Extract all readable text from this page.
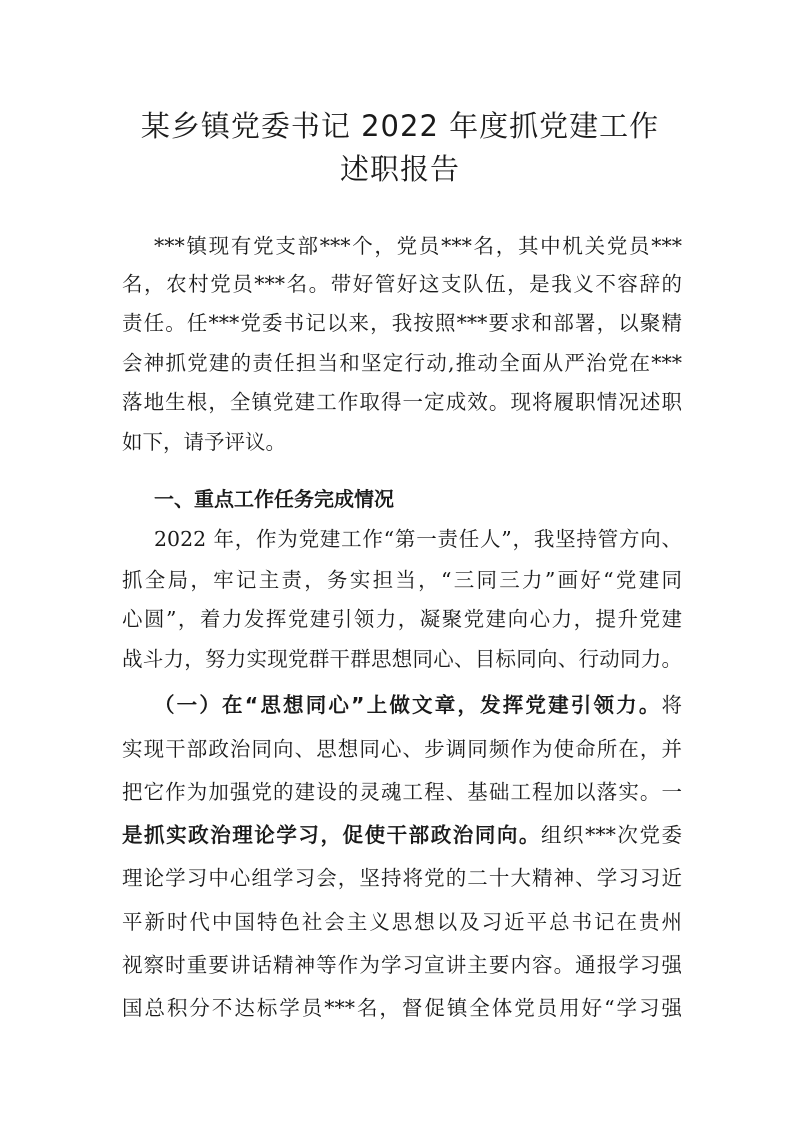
某乡镇党委书记 2022 年度抓党建工作
述职报告
***镇现有党支部***个，党员***名，其中机关党员***
名，农村党员***名。带好管好这支队伍，是我义不容辞的
责任。任***党委书记以来，我按照***要求和部署，以聚精
会神抓党建的责任担当和坚定行动,推动全面从严治党在***
落地生根，全镇党建工作取得一定成效。现将履职情况述职
如下，请予评议。
一、重点工作任务完成情况
2022 年，作为党建工作“第一责任人”，我坚持管方向、
抓全局，牢记主责，务实担当，“三同三力”画好“党建同
心圆”，着力发挥党建引领力，凝聚党建向心力，提升党建
战斗力，努力实现党群干群思想同心、目标同向、行动同力。
（一）在“思想同心”上做文章，发挥党建引领力。将
实现干部政治同向、思想同心、步调同频作为使命所在，并
把它作为加强党的建设的灵魂工程、基础工程加以落实。一
是抓实政治理论学习，促使干部政治同向。组织***次党委
理论学习中心组学习会，坚持将党的二十大精神、学习习近
平新时代中国特色社会主义思想以及习近平总书记在贵州
视察时重要讲话精神等作为学习宣讲主要内容。通报学习强
国总积分不达标学员***名，督促镇全体党员用好“学习强
